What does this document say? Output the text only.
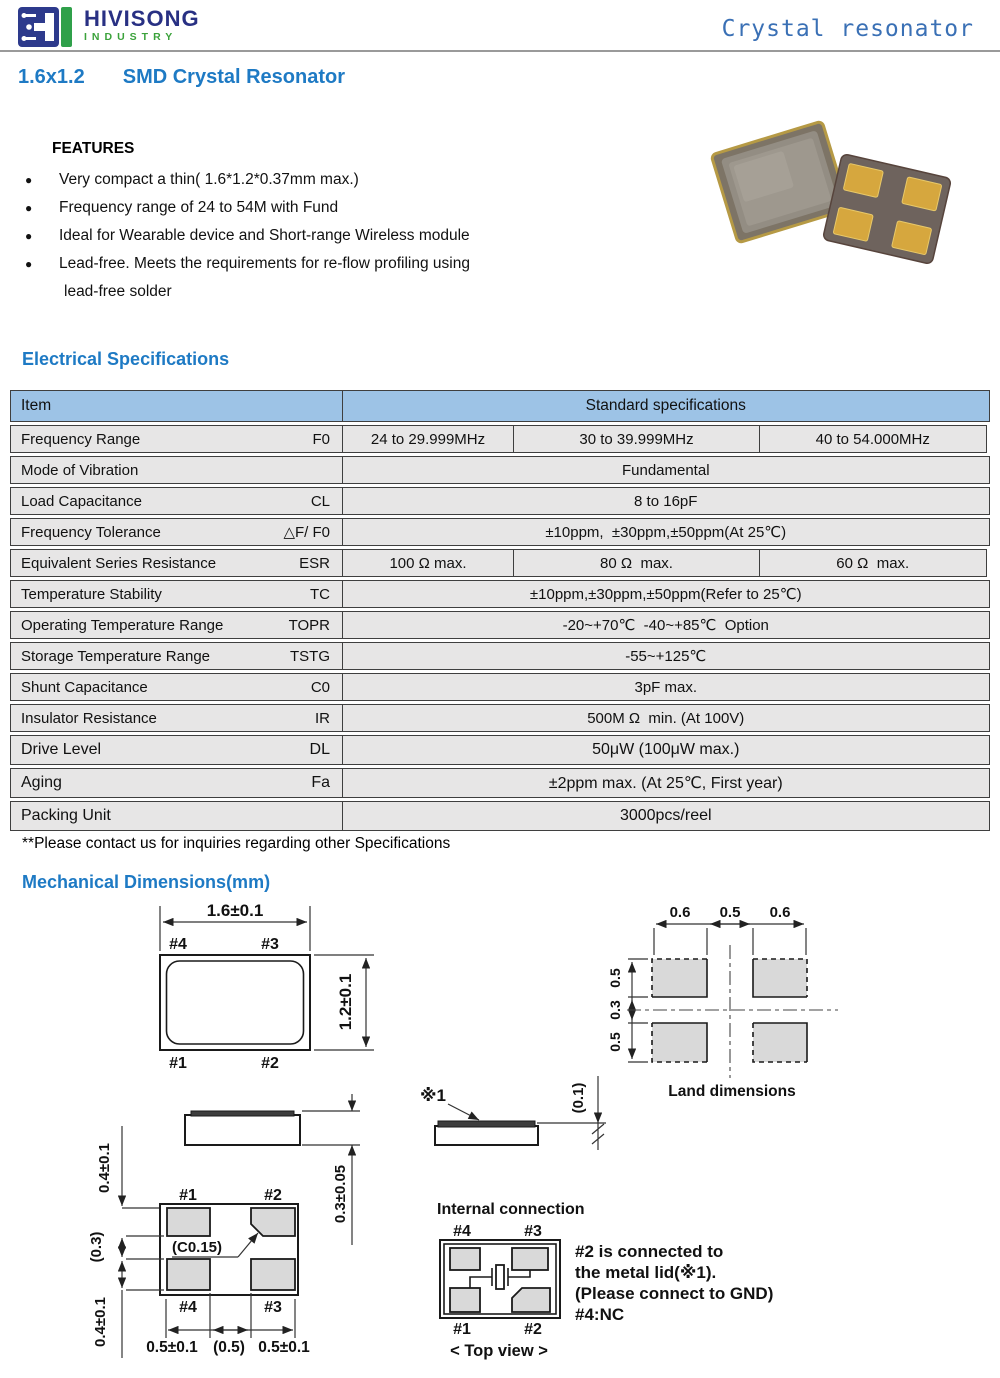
HIVISONG
INDUSTRY	Crystal resonator
1.6x1.2 SMD Crystal Resonator
FEATURES
●	Very compact a thin( 1.6*1.2*0.37mm max.)
●	Frequency range of 24 to 54M with Fund
●	Ideal for Wearable device and Short-range Wireless module
●	Lead-free. Meets the requirements for re-flow profiling using
lead-free solder
Electrical Specifications
Item	Standard specifications
Frequency Range	F0	24 to 29.999MHz	30 to 39.999MHz	40 to 54.000MHz
Mode of Vibration	Fundamental
Load Capacitance	CL	8 to 16pF
Frequency Tolerance	△F/ F0	±10ppm,  ±30ppm,±50ppm(At 25℃)
Equivalent Series Resistance	ESR	100 Ω max.	80 Ω  max.	60 Ω  max.
Temperature Stability	TC	±10ppm,±30ppm,±50ppm(Refer to 25℃)
Operating Temperature Range	TOPR	-20~+70℃  -40~+85℃  Option
Storage Temperature Range	TSTG	-55~+125℃
Shunt Capacitance	C0	3pF max.
Insulator Resistance	IR	500M Ω  min. (At 100V)
Drive Level	DL	50μW (100μW max.)
Aging	Fa	±2ppm max. (At 25℃, First year)
Packing Unit	3000pcs/reel
**Please contact us for inquiries regarding other Specifications
Mechanical Dimensions(mm)
1.6±0.1
#4	#3
#1	#2
1.2±0.1
0.6 0.5 0.6
0.5
0.3
0.5
Land dimensions
0.3±0.05
0.4±0.1
※1	(0.1)
#1	#2
(C0.15)
#4	#3
(0.3)
0.4±0.1
0.5±0.1 (0.5) 0.5±0.1
Internal connection
#4	#3
#1	#2
< Top view >
#2 is connected to
the metal lid(※1).
(Please connect to GND)
#4:NC
